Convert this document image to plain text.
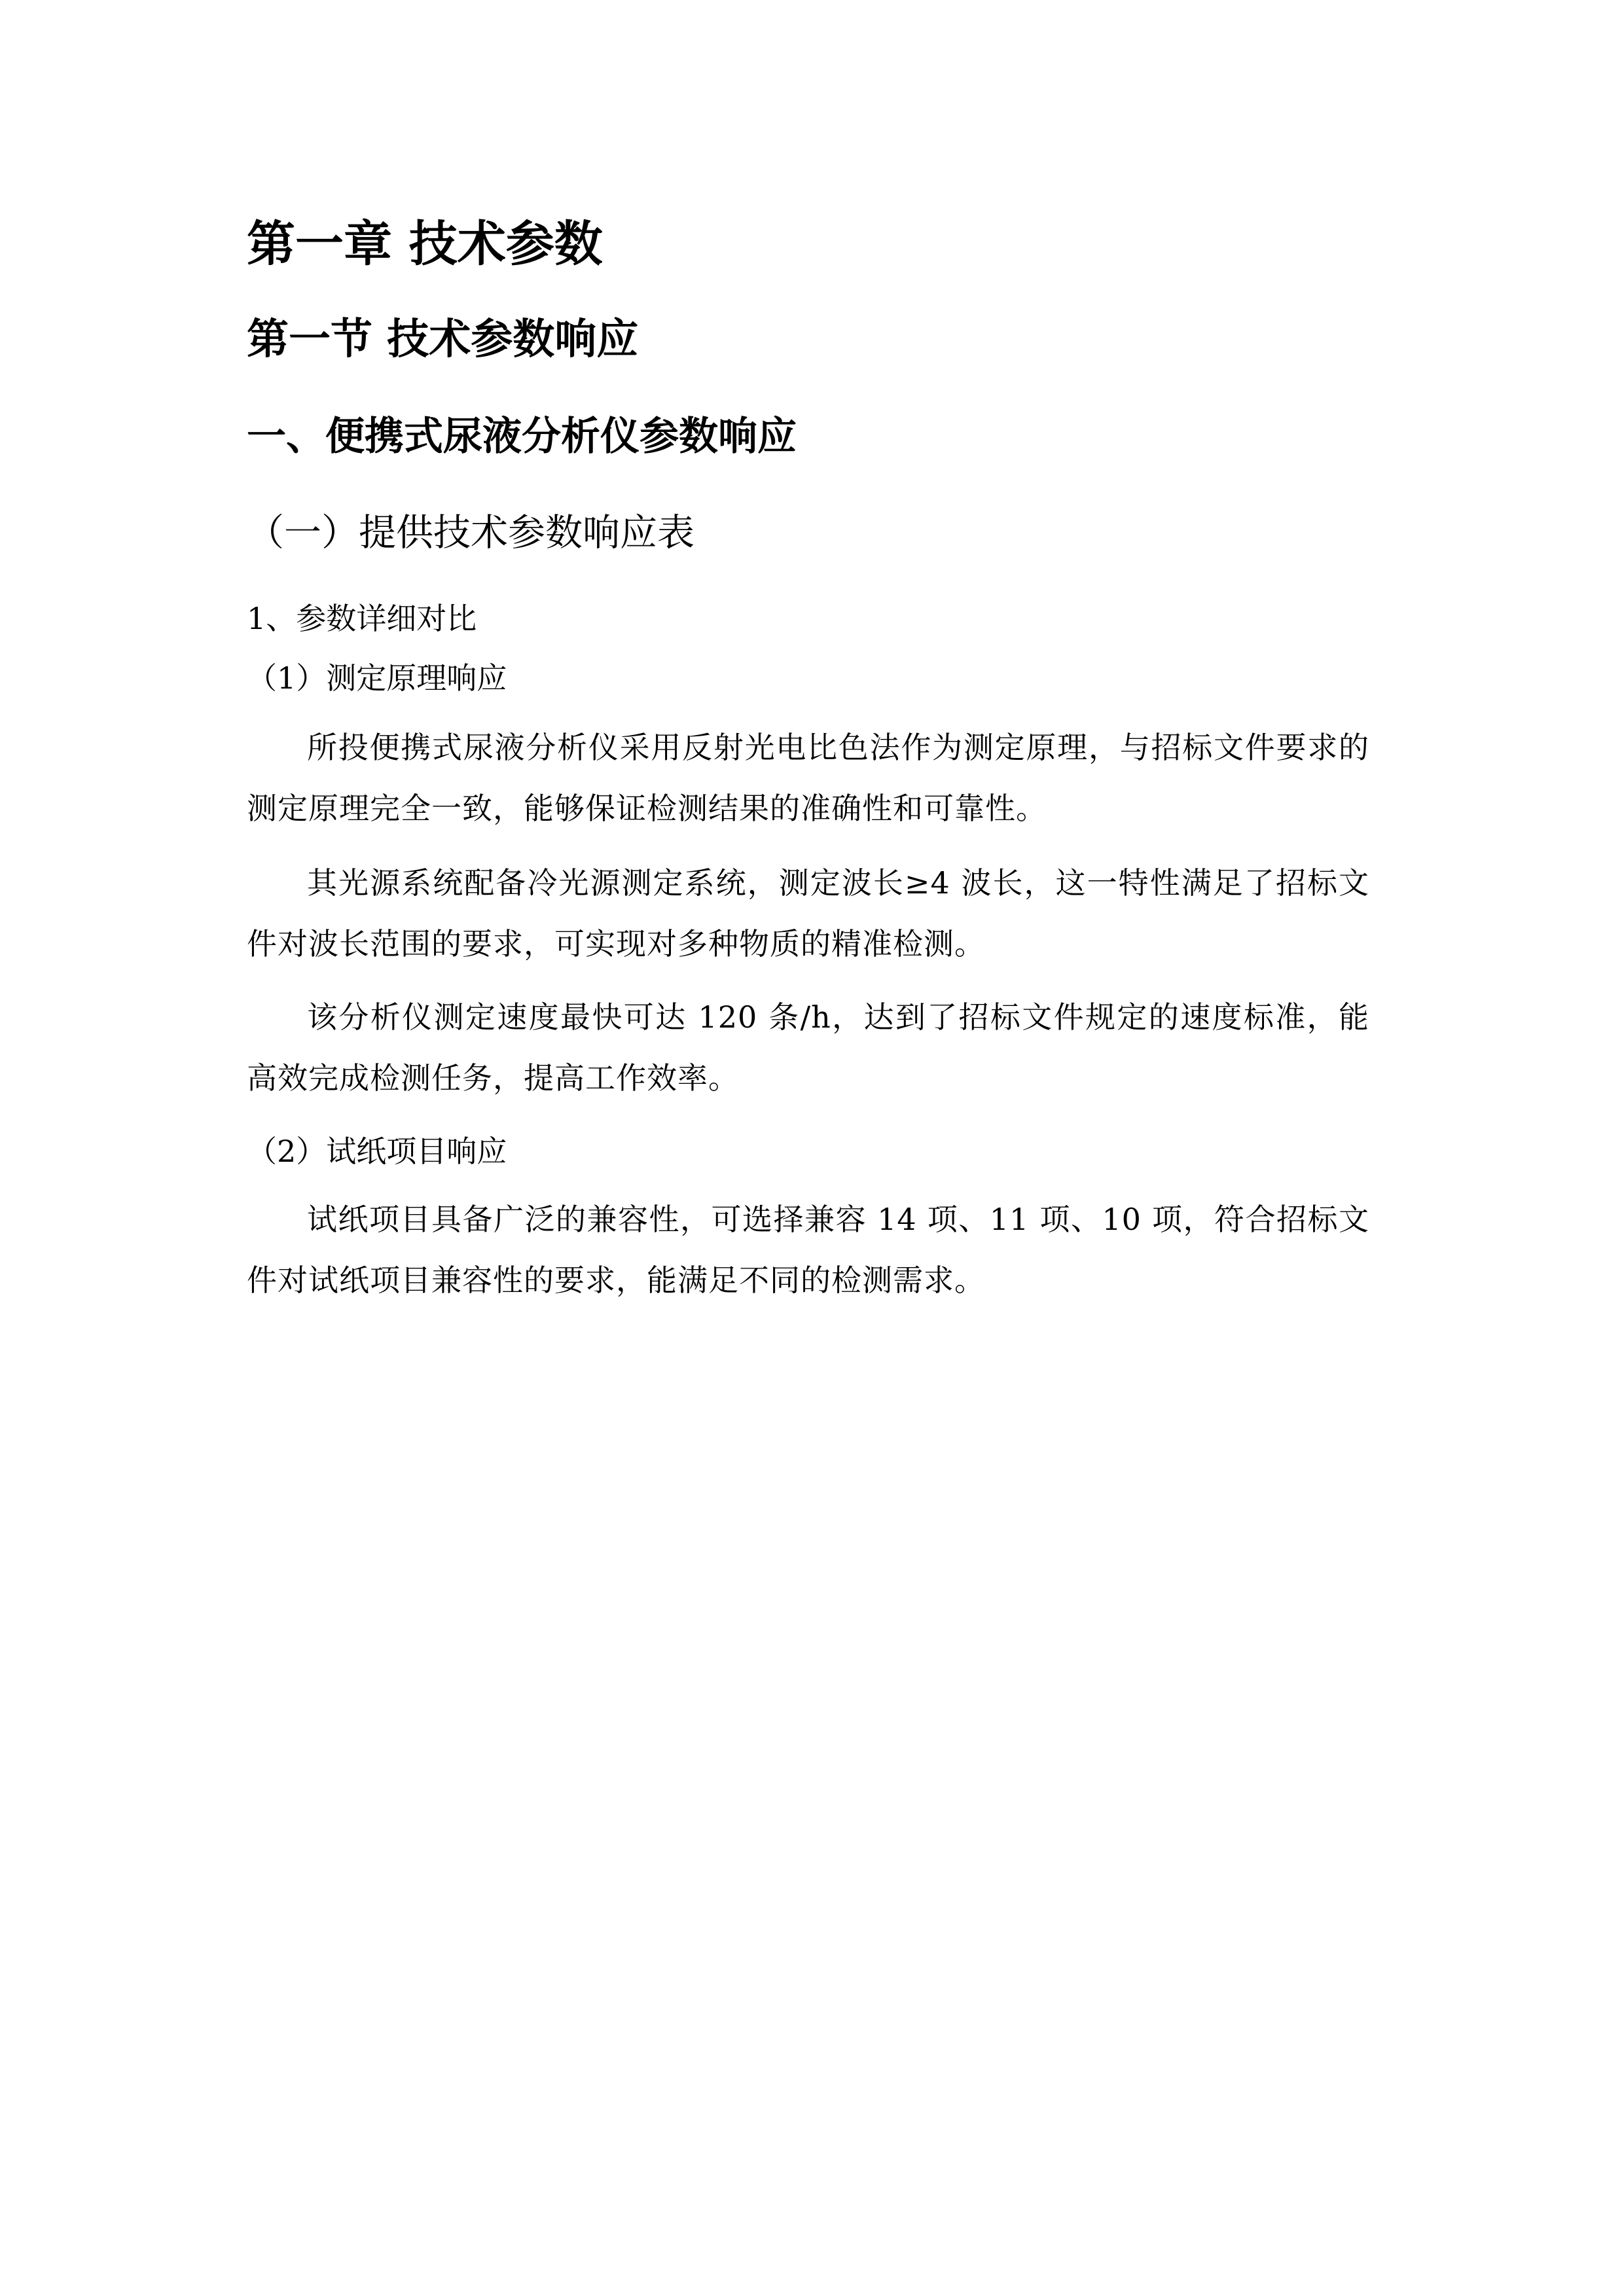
第一章 技术参数
第一节 技术参数响应
一、便携式尿液分析仪参数响应
（一）提供技术参数响应表

1、参数详细对比

（1）测定原理响应

所投便携式尿液分析仪采用反射光电比色法作为测定原理，与招标文件要求的测定原理完全一致，能够保证检测结果的准确性和可靠性。

其光源系统配备冷光源测定系统，测定波长≥4 波长，这一特性满足了招标文件对波长范围的要求，可实现对多种物质的精准检测。

该分析仪测定速度最快可达 120 条/h，达到了招标文件规定的速度标准，能高效完成检测任务，提高工作效率。

（2）试纸项目响应

试纸项目具备广泛的兼容性，可选择兼容 14 项、11 项、10 项，符合招标文件对试纸项目兼容性的要求，能满足不同的检测需求。
